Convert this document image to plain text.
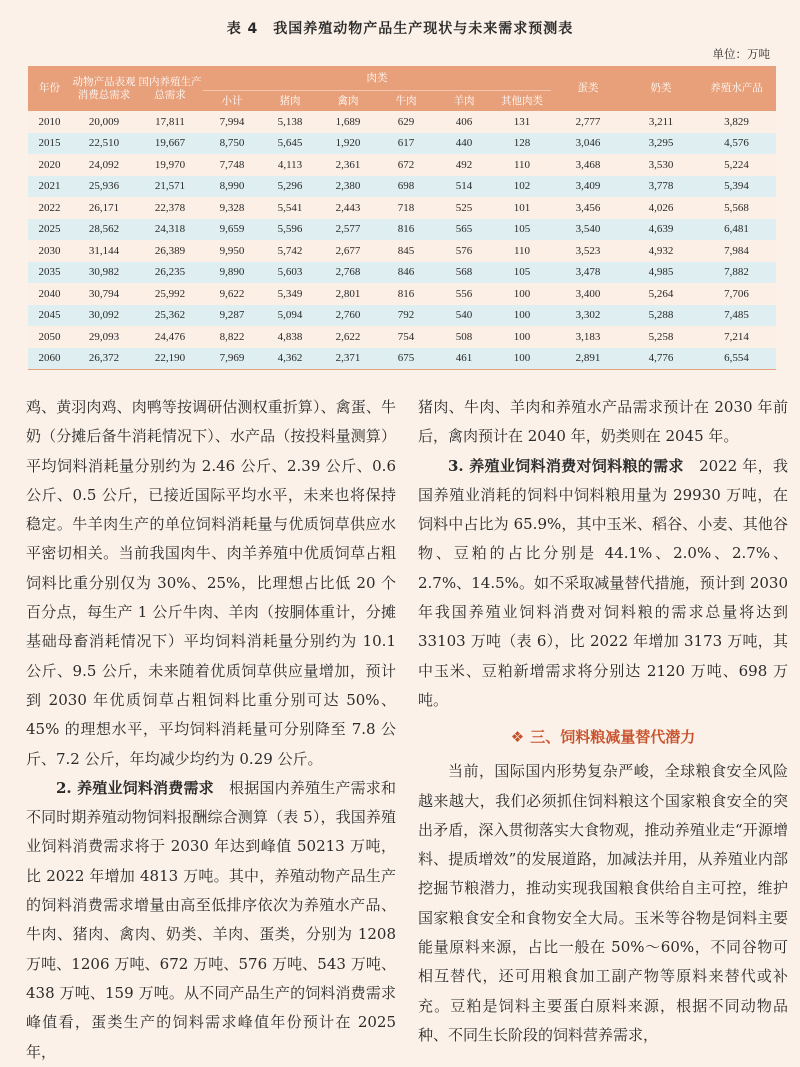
表 4　我国养殖动物产品生产现状与未来需求预测表
单位：万吨
年份	动物产品表观消费总需求	国内养殖生产总需求	肉类						蛋类	奶类	养殖水产品
			小计	猪肉	禽肉	牛肉	羊肉	其他肉类			
2010	20,009	17,811	7,994	5,138	1,689	629	406	131	2,777	3,211	3,829
2015	22,510	19,667	8,750	5,645	1,920	617	440	128	3,046	3,295	4,576
2020	24,092	19,970	7,748	4,113	2,361	672	492	110	3,468	3,530	5,224
2021	25,936	21,571	8,990	5,296	2,380	698	514	102	3,409	3,778	5,394
2022	26,171	22,378	9,328	5,541	2,443	718	525	101	3,456	4,026	5,568
2025	28,562	24,318	9,659	5,596	2,577	816	565	105	3,540	4,639	6,481
2030	31,144	26,389	9,950	5,742	2,677	845	576	110	3,523	4,932	7,984
2035	30,982	26,235	9,890	5,603	2,768	846	568	105	3,478	4,985	7,882
2040	30,794	25,992	9,622	5,349	2,801	816	556	100	3,400	5,264	7,706
2045	30,092	25,362	9,287	5,094	2,760	792	540	100	3,302	5,288	7,485
2050	29,093	24,476	8,822	4,838	2,622	754	508	100	3,183	5,258	7,214
2060	26,372	22,190	7,969	4,362	2,371	675	461	100	2,891	4,776	6,554

鸡、黄羽肉鸡、肉鸭等按调研估测权重折算）、禽蛋、牛奶（分摊后备牛消耗情况下）、水产品（按投料量测算）平均饲料消耗量分别约为 2.46 公斤、2.39 公斤、0.6 公斤、0.5 公斤，已接近国际平均水平，未来也将保持稳定。牛羊肉生产的单位饲料消耗量与优质饲草供应水平密切相关。当前我国肉牛、肉羊养殖中优质饲草占粗饲料比重分别仅为 30%、25%，比理想占比低 20 个百分点，每生产 1 公斤牛肉、羊肉（按胴体重计，分摊基础母畜消耗情况下）平均饲料消耗量分别约为 10.1 公斤、9.5 公斤，未来随着优质饲草供应量增加，预计到 2030 年优质饲草占粗饲料比重分别可达 50%、45% 的理想水平，平均饲料消耗量可分别降至 7.8 公斤、7.2 公斤，年均减少均约为 0.29 公斤。

2. 养殖业饲料消费需求　根据国内养殖生产需求和不同时期养殖动物饲料报酬综合测算（表 5），我国养殖业饲料消费需求将于 2030 年达到峰值 50213 万吨，比 2022 年增加 4813 万吨。其中，养殖动物产品生产的饲料消费需求增量由高至低排序依次为养殖水产品、牛肉、猪肉、禽肉、奶类、羊肉、蛋类，分别为 1208 万吨、1206 万吨、672 万吨、576 万吨、543 万吨、438 万吨、159 万吨。从不同产品生产的饲料消费需求峰值看，蛋类生产的饲料需求峰值年份预计在 2025 年，

猪肉、牛肉、羊肉和养殖水产品需求预计在 2030 年前后，禽肉预计在 2040 年，奶类则在 2045 年。

3. 养殖业饲料消费对饲料粮的需求　2022 年，我国养殖业消耗的饲料中饲料粮用量为 29930 万吨，在饲料中占比为 65.9%，其中玉米、稻谷、小麦、其他谷物、豆粕的占比分别是 44.1%、2.0%、2.7%、2.7%、14.5%。如不采取减量替代措施，预计到 2030 年我国养殖业饲料消费对饲料粮的需求总量将达到 33103 万吨（表 6），比 2022 年增加 3173 万吨，其中玉米、豆粕新增需求将分别达 2120 万吨、698 万吨。

❖ 三、饲料粮减量替代潜力

当前，国际国内形势复杂严峻，全球粮食安全风险越来越大，我们必须抓住饲料粮这个国家粮食安全的突出矛盾，深入贯彻落实大食物观，推动养殖业走“开源增料、提质增效”的发展道路，加减法并用，从养殖业内部挖掘节粮潜力，推动实现我国粮食供给自主可控，维护国家粮食安全和食物安全大局。玉米等谷物是饲料主要能量原料来源，占比一般在 50%～60%，不同谷物可相互替代，还可用粮食加工副产物等原料来替代或补充。豆粕是饲料主要蛋白原料来源，根据不同动物品种、不同生长阶段的饲料营养需求，
